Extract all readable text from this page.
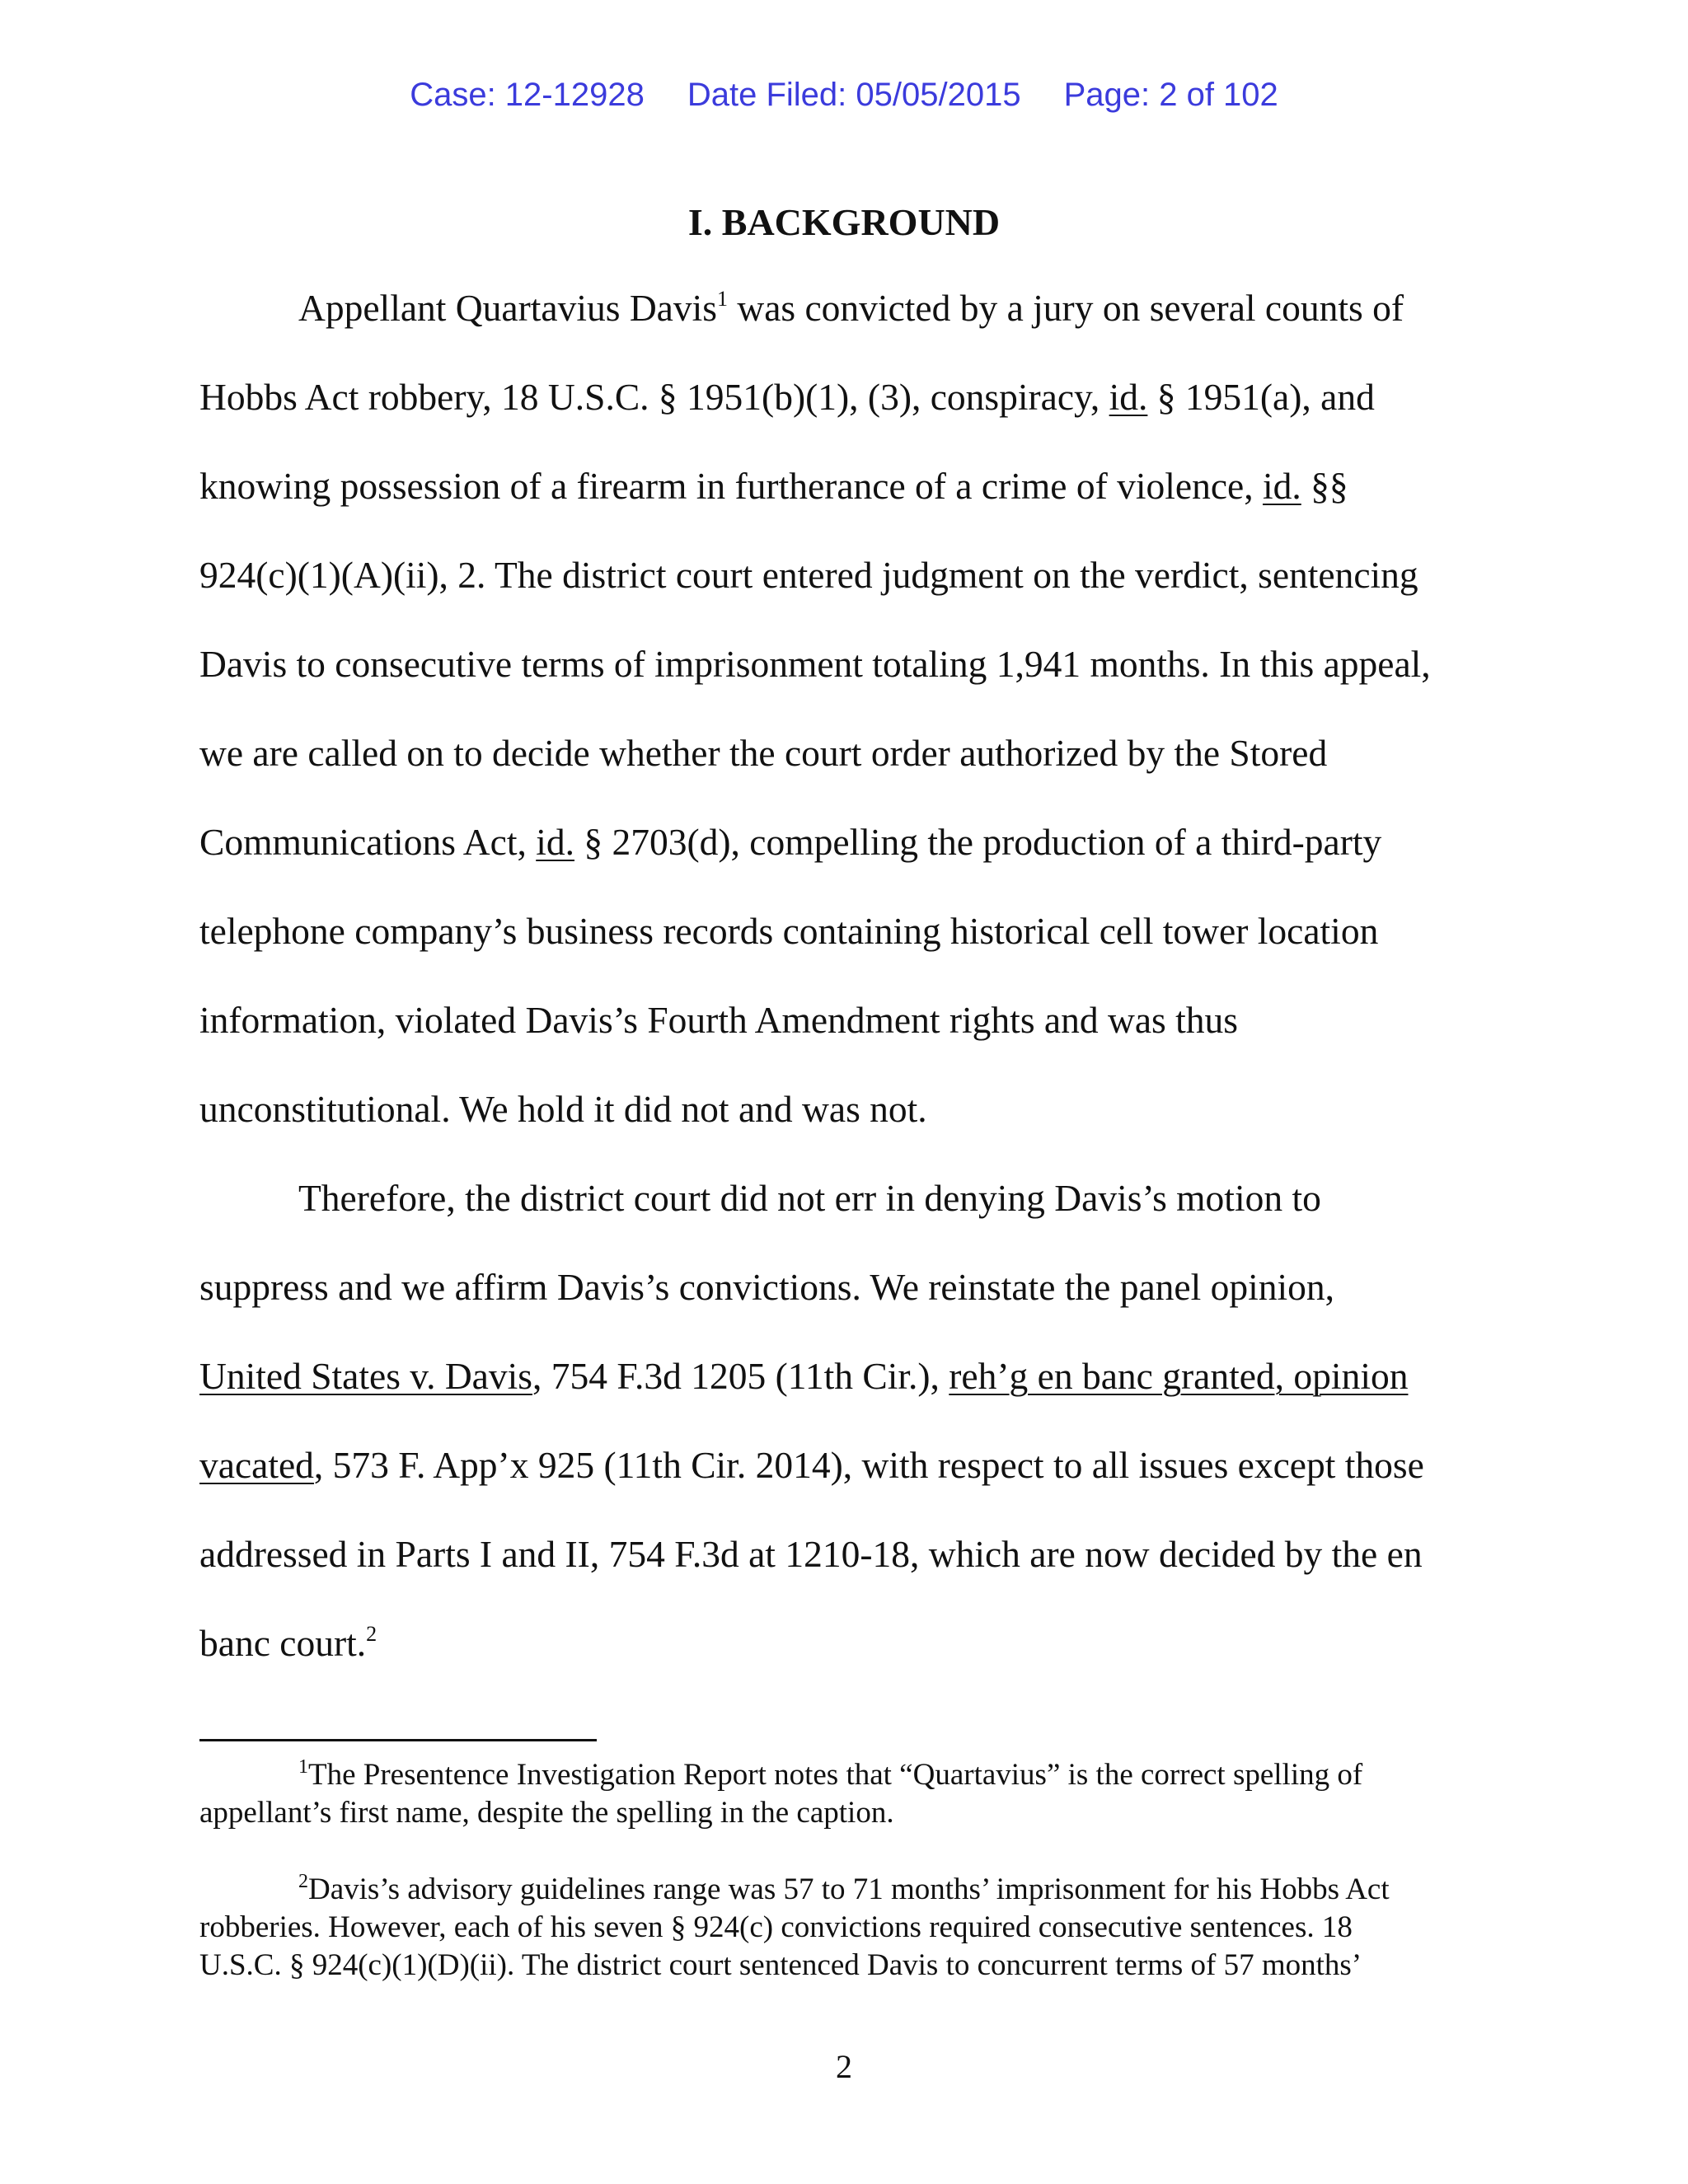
Case: 12-12928 Date Filed: 05/05/2015 Page: 2 of 102
I. BACKGROUND
Appellant Quartavius Davis$^1$ was convicted by a jury on several counts of
Hobbs Act robbery, 18 U.S.C. § 1951(b)(1), (3), conspiracy, id. § 1951(a), and
knowing possession of a firearm in furtherance of a crime of violence, id. §§
924(c)(1)(A)(ii), 2. The district court entered judgment on the verdict, sentencing
Davis to consecutive terms of imprisonment totaling 1,941 months. In this appeal,
we are called on to decide whether the court order authorized by the Stored
Communications Act, id. § 2703(d), compelling the production of a third-party
telephone company’s business records containing historical cell tower location
information, violated Davis’s Fourth Amendment rights and was thus
unconstitutional. We hold it did not and was not.
Therefore, the district court did not err in denying Davis’s motion to
suppress and we affirm Davis’s convictions. We reinstate the panel opinion,
United States v. Davis, 754 F.3d 1205 (11th Cir.), reh’g en banc granted, opinion
vacated, 573 F. App’x 925 (11th Cir. 2014), with respect to all issues except those
addressed in Parts I and II, 754 F.3d at 1210-18, which are now decided by the en
banc court.$^2$
$^1$The Presentence Investigation Report notes that “Quartavius” is the correct spelling of
appellant’s first name, despite the spelling in the caption.
$^2$Davis’s advisory guidelines range was 57 to 71 months’ imprisonment for his Hobbs Act
robberies. However, each of his seven § 924(c) convictions required consecutive sentences. 18
U.S.C. § 924(c)(1)(D)(ii). The district court sentenced Davis to concurrent terms of 57 months’
2
